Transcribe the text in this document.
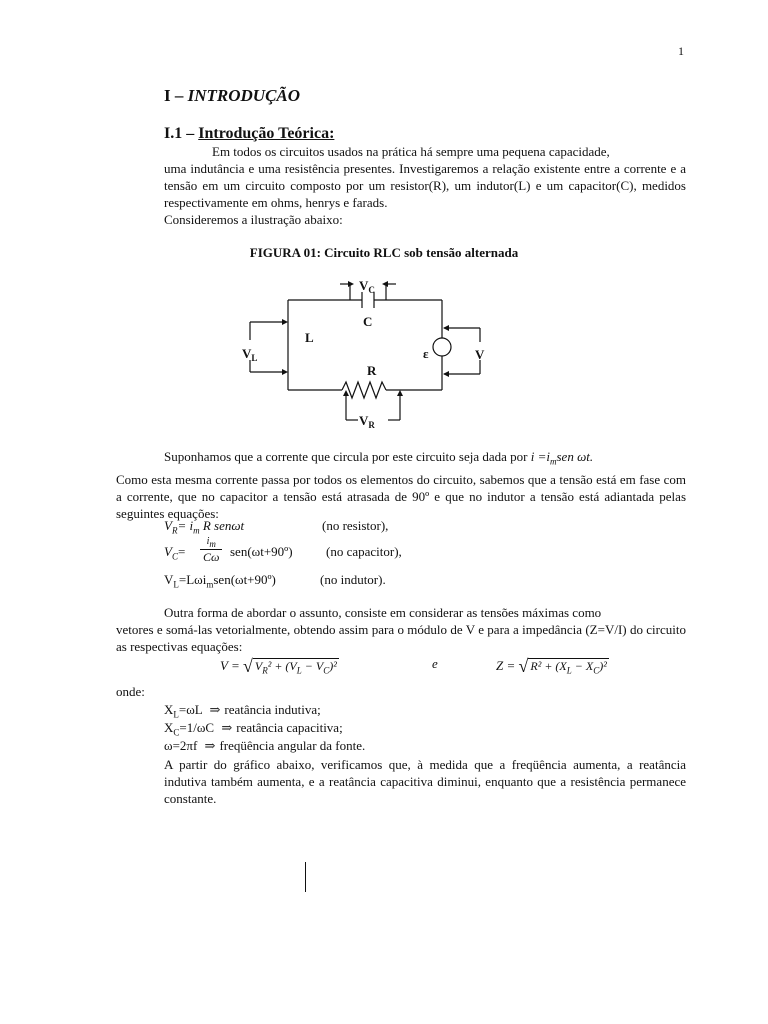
1
I – INTRODUÇÃO
I.1 – Introdução Teórica:
Em todos os circuitos usados na prática há sempre uma pequena capacidade,
uma indutância e uma resistência presentes. Investigaremos a relação existente entre a corrente e a tensão em um circuito composto por um resistor(R), um indutor(L) e um capacitor(C), medidos respectivamente em ohms, henrys e farads.
Consideremos a ilustração abaixo:
FIGURA 01: Circuito RLC sob tensão alternada
$V_C$
C
L
$V_L$	ε	V
R
$V_R$
Suponhamos que a corrente que circula por este circuito seja dada por $i =i_msen$ ωt.
Como esta mesma corrente passa por todos os elementos do circuito, sabemos que a tensão está em fase com a corrente, que no capacitor a tensão está atrasada de 90º e que no indutor a tensão está adiantada pelas seguintes equações:
$V_R= i_m$ R senωt	(no resistor),
$V_C=$
$i_m$
Cω sen(ωt+90º)	(no capacitor),
$V_L=L\omega i_msen(\omega t+90º)$	(no indutor).
Outra forma de abordar o assunto, consiste em considerar as tensões máximas como
vetores e somá-las vetorialmente, obtendo assim para o módulo de V e para a impedância (Z=V/I) do circuito as respectivas equações:
V = √ $V_R^2 + (V_L - V_C)^2$	e	Z = √ $R^2 + (X_L - X_C)^2$
onde:
$X_L=\omega L$ ⇒ reatância indutiva;
$X_C=1/\omega C$ ⇒ reatância capacitiva;
ω=2πf ⇒ freqüência angular da fonte.
A partir do gráfico abaixo, verificamos que, à medida que a freqüência aumenta, a reatância indutiva também aumenta, e a reatância capacitiva diminui, enquanto que a resistência permanece constante.
